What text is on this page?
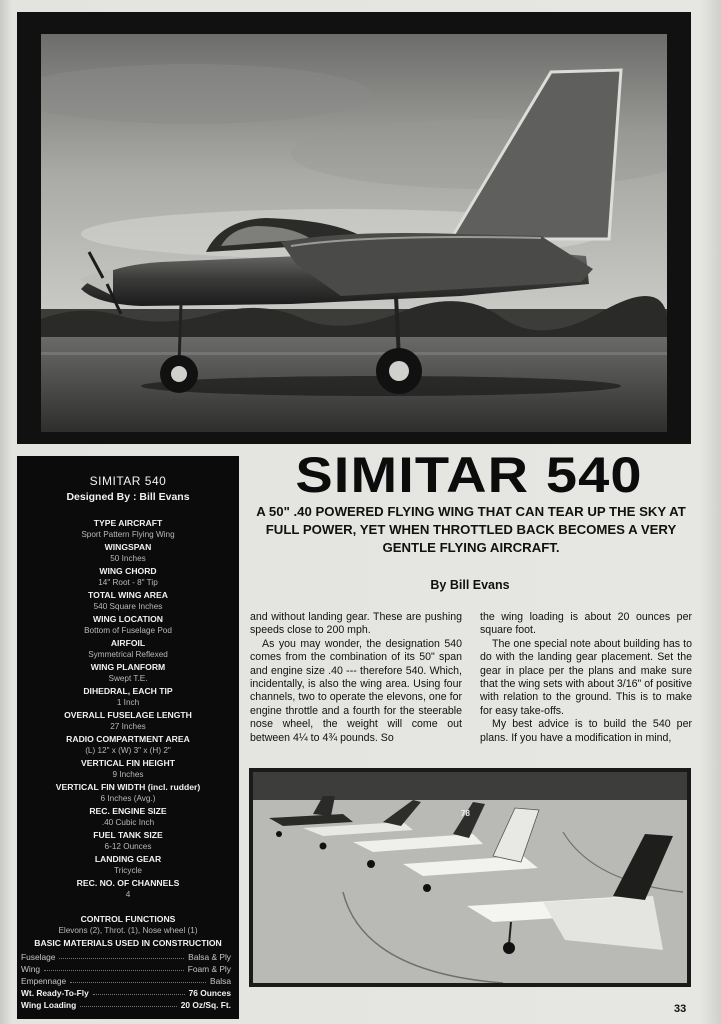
SIMITAR 540
Designed By : Bill Evans
TYPE AIRCRAFT
Sport Pattern Flying Wing
WINGSPAN
50 Inches
WING CHORD
14" Root - 8" Tip
TOTAL WING AREA
540 Square Inches
WING LOCATION
Bottom of Fuselage Pod
AIRFOIL
Symmetrical Reflexed
WING PLANFORM
Swept T.E.
DIHEDRAL, EACH TIP
1 Inch
OVERALL FUSELAGE LENGTH
27 Inches
RADIO COMPARTMENT AREA
(L) 12" x (W) 3" x (H) 2"
VERTICAL FIN HEIGHT
9 Inches
VERTICAL FIN WIDTH (incl. rudder)
6 Inches (Avg.)
REC. ENGINE SIZE
.40 Cubic Inch
FUEL TANK SIZE
6-12 Ounces
LANDING GEAR
Tricycle
REC. NO. OF CHANNELS
4
CONTROL FUNCTIONS
Elevons (2), Throt. (1), Nose wheel (1)
BASIC MATERIALS USED IN CONSTRUCTION
Fuselage	Balsa & Ply
Wing	Foam & Ply
Empennage	Balsa
Wt. Ready-To-Fly	76 Ounces
Wing Loading	20 Oz/Sq. Ft.
SIMITAR 540
A 50" .40 POWERED FLYING WING THAT CAN TEAR UP THE SKY AT FULL POWER, YET WHEN THROTTLED BACK BECOMES A VERY GENTLE FLYING AIRCRAFT.
By Bill Evans

and without landing gear. These are pushing speeds close to 200 mph.

As you may wonder, the designation 540 comes from the combination of its 50" span and engine size .40 --- therefore 540. Which, incidentally, is also the wing area. Using four channels, two to operate the elevons, one for engine throttle and a fourth for the steerable nose wheel, the weight will come out between 4¼ to 4¾ pounds. So

the wing loading is about 20 ounces per square foot.

The one special note about building has to do with the landing gear placement. Set the gear in place per the plans and make sure that the wing sets with about 3/16" of positive with relation to the ground. This is to make for easy take-offs.

My best advice is to build the 540 per plans. If you have a modification in mind,

78
33
